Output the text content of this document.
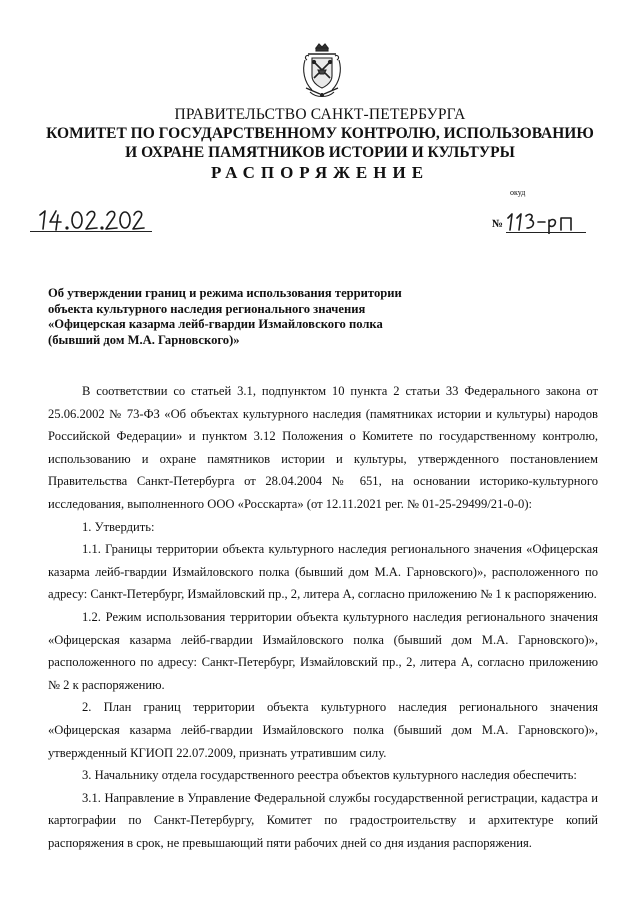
ПРАВИТЕЛЬСТВО САНКТ-ПЕТЕРБУРГА
КОМИТЕТ ПО ГОСУДАРСТВЕННОМУ КОНТРОЛЮ, ИСПОЛЬЗОВАНИЮ
И ОХРАНЕ ПАМЯТНИКОВ ИСТОРИИ И КУЛЬТУРЫ
РАСПОРЯЖЕНИЕ
окуд
№
Об утверждении границ и режима использования территории
объекта культурного наследия регионального значения
«Офицерская казарма лейб-гвардии Измайловского полка
(бывший дом М.А. Гарновского)»

В соответствии со статьей 3.1, подпунктом 10 пункта 2 статьи 33 Федерального закона от 25.06.2002 № 73-ФЗ «Об объектах культурного наследия (памятниках истории и культуры) народов Российской Федерации» и пунктом 3.12 Положения о Комитете по государственному контролю, использованию и охране памятников истории и культуры, утвержденного постановлением Правительства Санкт-Петербурга от 28.04.2004 № 651, на основании историко-культурного исследования, выполненного ООО «Росскарта» (от 12.11.2021 рег. № 01-25-29499/21-0-0):

1. Утвердить:

1.1. Границы территории объекта культурного наследия регионального значения «Офицерская казарма лейб-гвардии Измайловского полка (бывший дом М.А. Гарновского)», расположенного по адресу: Санкт-Петербург, Измайловский пр., 2, литера А, согласно приложению № 1 к распоряжению.

1.2. Режим использования территории объекта культурного наследия регионального значения «Офицерская казарма лейб-гвардии Измайловского полка (бывший дом М.А. Гарновского)», расположенного по адресу: Санкт-Петербург, Измайловский пр., 2, литера А, согласно приложению № 2 к распоряжению.

2. План границ территории объекта культурного наследия регионального значения «Офицерская казарма лейб-гвардии Измайловского полка (бывший дом М.А. Гарновского)», утвержденный КГИОП 22.07.2009, признать утратившим силу.

3. Начальнику отдела государственного реестра объектов культурного наследия обеспечить:

3.1. Направление в Управление Федеральной службы государственной регистрации, кадастра и картографии по Санкт-Петербургу, Комитет по градостроительству и архитектуре копий распоряжения в срок, не превышающий пяти рабочих дней со дня издания распоряжения.
